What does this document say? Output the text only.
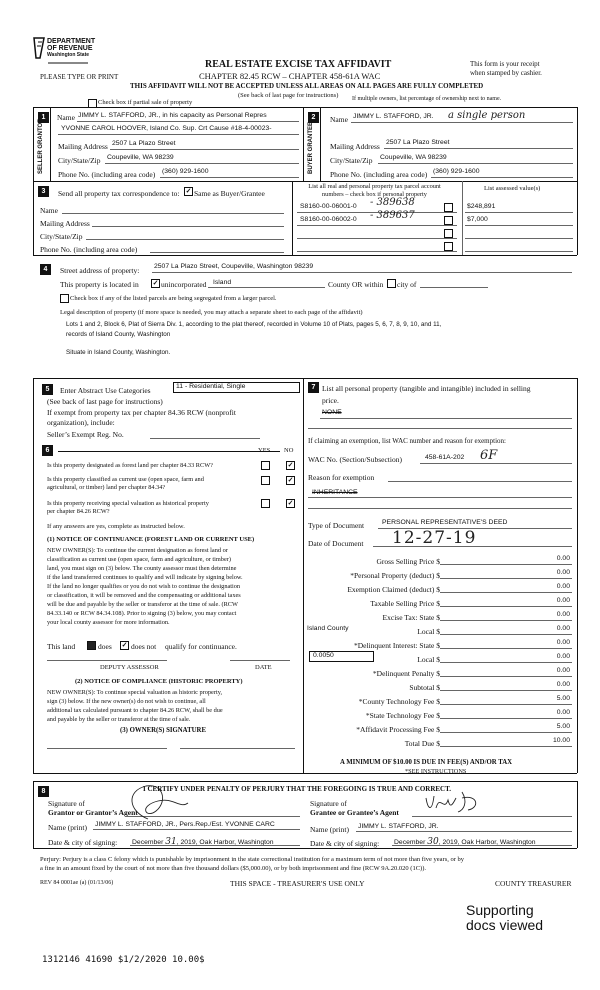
DEPARTMENT
OF REVENUE
Washington State
PLEASE TYPE OR PRINT
REAL ESTATE EXCISE TAX AFFIDAVIT
CHAPTER 82.45 RCW – CHAPTER 458-61A WAC
THIS AFFIDAVIT WILL NOT BE ACCEPTED UNLESS ALL AREAS ON ALL PAGES ARE FULLY COMPLETED
(See back of last page for instructions)
This form is your receipt
when stamped by cashier.
Check box if partial sale of property	If multiple owners, list percentage of ownership next to name.
1
SELLER GRANTOR
Name JIMMY L. STAFFORD, JR., in his capacity as Personal Repres
YVONNE CAROL HOOVER, Island Co. Sup. Crt Cause #18-4-00023-
Mailing Address 2507 La Plazo Street
City/State/Zip Coupeville, WA 98239
Phone No. (including area code) (360) 929-1600
2
BUYER GRANTEE
Name JIMMY L. STAFFORD, JR. a single person
Mailing Address 2507 La Plazo Street
City/State/Zip Coupeville, WA 98239
Phone No. (including area code) (360) 929-1600
3	Send all property tax correspondence to: ✓ Same as Buyer/Grantee
Name
Mailing Address
City/State/Zip
Phone No. (including area code)
List all real and personal property tax parcel account
numbers – check box if personal property
List assessed value(s)
S8160-00-06001-0 - 389638	$248,891
S8160-00-06002-0 - 389637	$7,000
4	Street address of property: 2507 La Plazo Street, Coupeville, Washington 98239
This property is located in ✓ unincorporated Island	County OR within city of
Check box if any of the listed parcels are being segregated from a larger parcel.
Legal description of property (if more space is needed, you may attach a separate sheet to each page of the affidavit)
Lots 1 and 2, Block 6, Plat of Sierra Div. 1, according to the plat thereof, recorded in Volume 10 of Plats, pages 5, 6, 7, 8, 9, 10, and 11,
records of Island County, Washington
Situate in Island County, Washington.
5	Enter Abstract Use Categories	11 - Residential, Single
(See back of last page for instructions)
If exempt from property tax per chapter 84.36 RCW (nonprofit
organization), include:
Seller’s Exempt Reg. No.
6	YES NO
Is this property designated as forest land per chapter 84.33 RCW?	✓
Is this property classified as current use (open space, farm and
agricultural, or timber) land per chapter 84.34?
✓
Is this property receiving special valuation as historical property
per chapter 84.26 RCW?
✓
If any answers are yes, complete as instructed below.
(1) NOTICE OF CONTINUANCE (FOREST LAND OR CURRENT USE)
NEW OWNER(S): To continue the current designation as forest land or
classification as current use (open space, farm and agriculture, or timber)
land, you must sign on (3) below. The county assessor must then determine
if the land transferred continues to qualify and will indicate by signing below.
If the land no longer qualifies or you do not wish to continue the designation
or classification, it will be removed and the compensating or additional taxes
will be due and payable by the seller or transferor at the time of sale. (RCW
84.33.140 or RCW 84.34.108). Prior to signing (3) below, you may contact
your local county assessor for more information.
This land	does ✓ does not qualify for continuance.
DEPUTY ASSESSOR	DATE
(2) NOTICE OF COMPLIANCE (HISTORIC PROPERTY)
NEW OWNER(S): To continue special valuation as historic property,
sign (3) below. If the new owner(s) do not wish to continue, all
additional tax calculated pursuant to chapter 84.26 RCW, shall be due
and payable by the seller or transferor at the time of sale.
(3) OWNER(S) SIGNATURE
7 List all personal property (tangible and intangible) included in selling
price.
NONE
If claiming an exemption, list WAC number and reason for exemption:
WAC No. (Section/Subsection)	458-61A-202 6F
Reason for exemption
INHERITANCE
Type of Document	PERSONAL REPRESENTATIVE'S DEED
Date of Document 12-27-19
Gross Selling Price $	0.00
*Personal Property (deduct) $	0.00
Exemption Claimed (deduct) $	0.00
Taxable Selling Price $	0.00
Excise Tax: State $	0.00
Island County	Local $	0.00
*Delinquent Interest: State $	0.00
0.0050	Local $	0.00
*Delinquent Penalty $	0.00
Subtotal $	0.00
*County Technology Fee $	5.00
*State Technology Fee $	0.00
*Affidavit Processing Fee $	5.00
Total Due $	10.00
A MINIMUM OF $10.00 IS DUE IN FEE(S) AND/OR TAX
*SEE INSTRUCTIONS
8	I CERTIFY UNDER PENALTY OF PERJURY THAT THE FOREGOING IS TRUE AND CORRECT.
Signature of
Grantor or Grantor’s Agent
Name (print) JIMMY L. STAFFORD, JR., Pers.Rep./Est. YVONNE CARC
Date & city of signing: December 31, 2019, Oak Harbor, Washington
Signature of
Grantee or Grantee’s Agent
Name (print) JIMMY L. STAFFORD, JR.
Date & city of signing: December 30, 2019, Oak Harbor, Washington
Perjury: Perjury is a class C felony which is punishable by imprisonment in the state correctional institution for a maximum term of not more than five years, or by
a fine in an amount fixed by the court of not more than five thousand dollars ($5,000.00), or by both imprisonment and fine (RCW 9A.20.020 (1C)).
REV 84 0001ae (a) (01/13/06)	THIS SPACE - TREASURER'S USE ONLY	COUNTY TREASURER
Supporting
docs viewed
1312146 41690 $1/2/2020 10.00$
